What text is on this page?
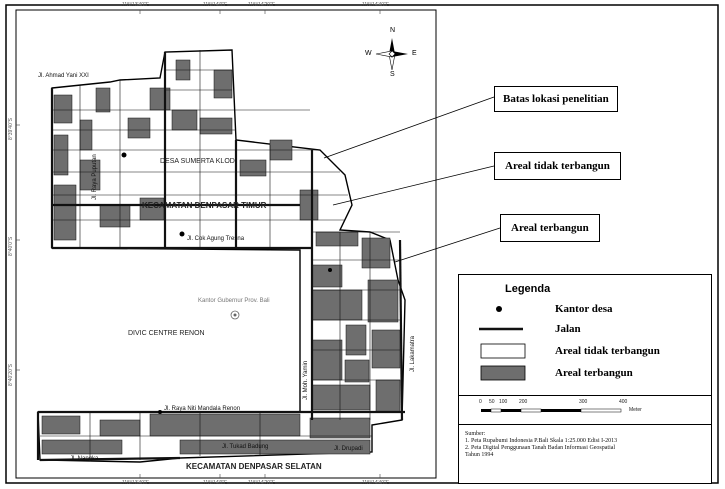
115°13'40"E	115°14'0"E	115°14'20"E	115°14'40"E
115°13'40"E	115°14'0"E	115°14'20"E	115°14'40"E
8°39'40"S
8°40'0"S
8°40'20"S
Jl. Ahmad Yani XXI
DESA SUMERTA KLOD
KECAMATAN DENPASAR TIMUR
Jl. Cok Agung Tresna
Kantor Gubernur Prov. Bali
DIVIC CENTRE RENON
Jl. Raya Niti Mandala Renon
Jl. Tukad Badung	Jl. Drupadi
Jl. Nangka
KECAMATAN DENPASAR SELATAN
Jl. Raya Puputan
Jl. Moh. Yamin
Jl. Lakamatra
N
S
W	E
Batas lokasi penelitian
Areal tidak terbangun
Areal terbangun
Legenda
Kantor desa
Jalan
Areal tidak terbangun
Areal terbangun
Meter
0 50 100 200	300	400
Sumber:
1. Peta Rupabumi Indonesia P.Bali Skala 1:25.000 Edisi I-2013
2. Peta Digital Penggunaan Tanah Badan Informasi Geospatial
Tahun 1994
